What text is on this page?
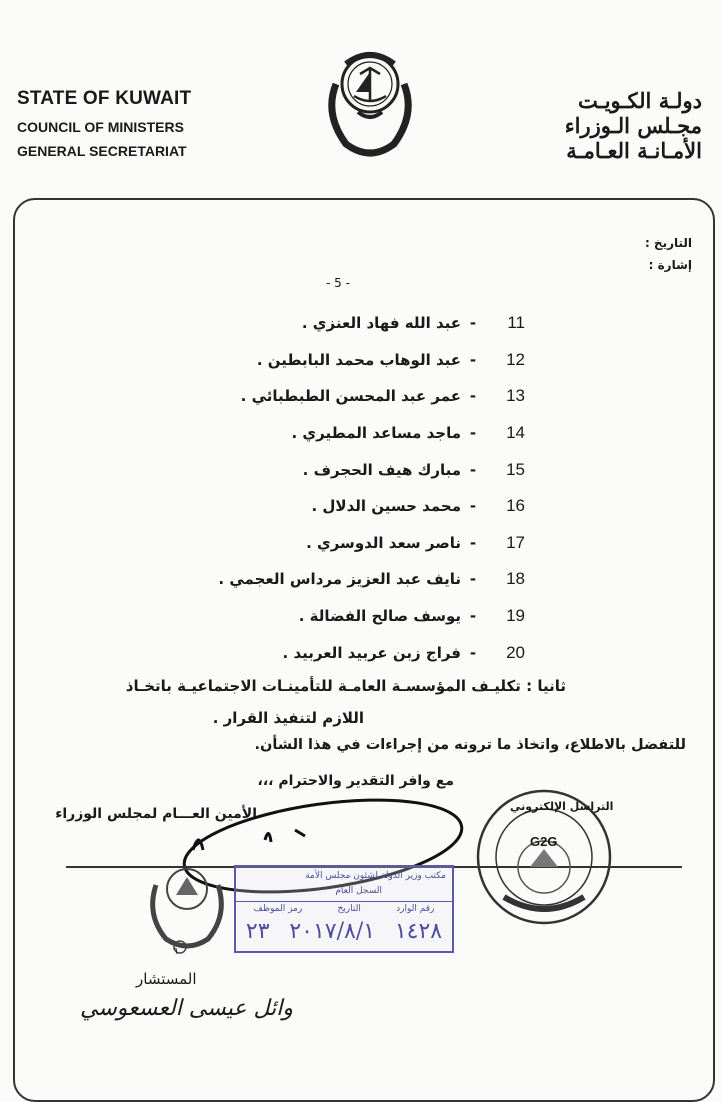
STATE OF KUWAIT
COUNCIL OF MINISTERS
GENERAL SECRETARIAT
دولـة الكـويـت
مجـلس الـوزراء
الأمـانـة العـامـة
التاريخ :
إشارة :
- 5 -
11
-
عبد الله فهاد العنزي .
12
-
عبد الوهاب محمد البابطين .
13
-
عمر عبد المحسن الطبطبائي .
14
-
ماجد مساعد المطيري .
15
-
مبارك هيف الحجرف .
16
-
محمد حسين الدلال .
17
-
ناصر سعد الدوسري .
18
-
نايف عبد العزيز مرداس العجمي .
19
-
يوسف صالح الفضالة .
20
-
فراج زبن عربيد العربيد .
ثانيا : تكليـف المؤسسـة العامـة للتأمينـات الاجتماعيـة باتخـاذ
اللازم لتنفيذ القرار .
للتفضل بالاطلاع، واتخاذ ما ترونه من إجراءات في هذا الشأن.
مع وافر التقدير والاحترام ،،،
الأمين العـــام لمجلس الوزراء	التراسل الإلكتروني
G2G
٦
مكتب وزير الدولة لشئون مجلس الأمة
السجل العام
رقم الوارد
التاريخ
رمز الموظف
١٤٢٨
٢٠١٧/٨/١
٢٣
المستشار
وائل عيسى العسعوسي
